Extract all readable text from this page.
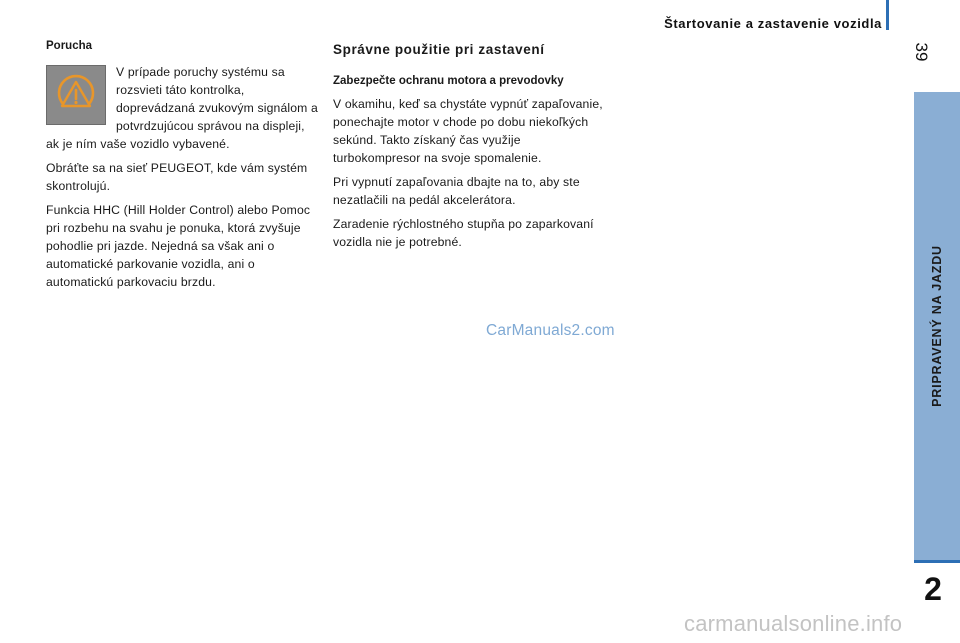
Štartovanie a zastavenie vozidla
39
PRIPRAVENÝ NA JAZDU
2
Porucha

V prípade poruchy systému sa rozsvieti táto kontrolka, doprevádzaná zvukovým signálom a potvrdzujúcou správou na displeji, ak je ním vaše vozidlo vybavené.

Obráťte sa na sieť PEUGEOT, kde vám systém skontrolujú.

Funkcia HHC (Hill Holder Control) alebo Pomoc pri rozbehu na svahu je ponuka, ktorá zvyšuje pohodlie pri jazde. Nejedná sa však ani o automatické parkovanie vozidla, ani o automatickú parkovaciu brzdu.

Správne použitie pri zastavení
Zabezpečte ochranu motora a prevodovky

V okamihu, keď sa chystáte vypnúť zapaľovanie, ponechajte motor v chode po dobu niekoľkých sekúnd. Takto získaný čas využije turbokompresor na svoje spomalenie.

Pri vypnutí zapaľovania dbajte na to, aby ste nezatlačili na pedál akcelerátora.

Zaradenie rýchlostného stupňa po zaparkovaní vozidla nie je potrebné.

CarManuals2.com
carmanualsonline.info
